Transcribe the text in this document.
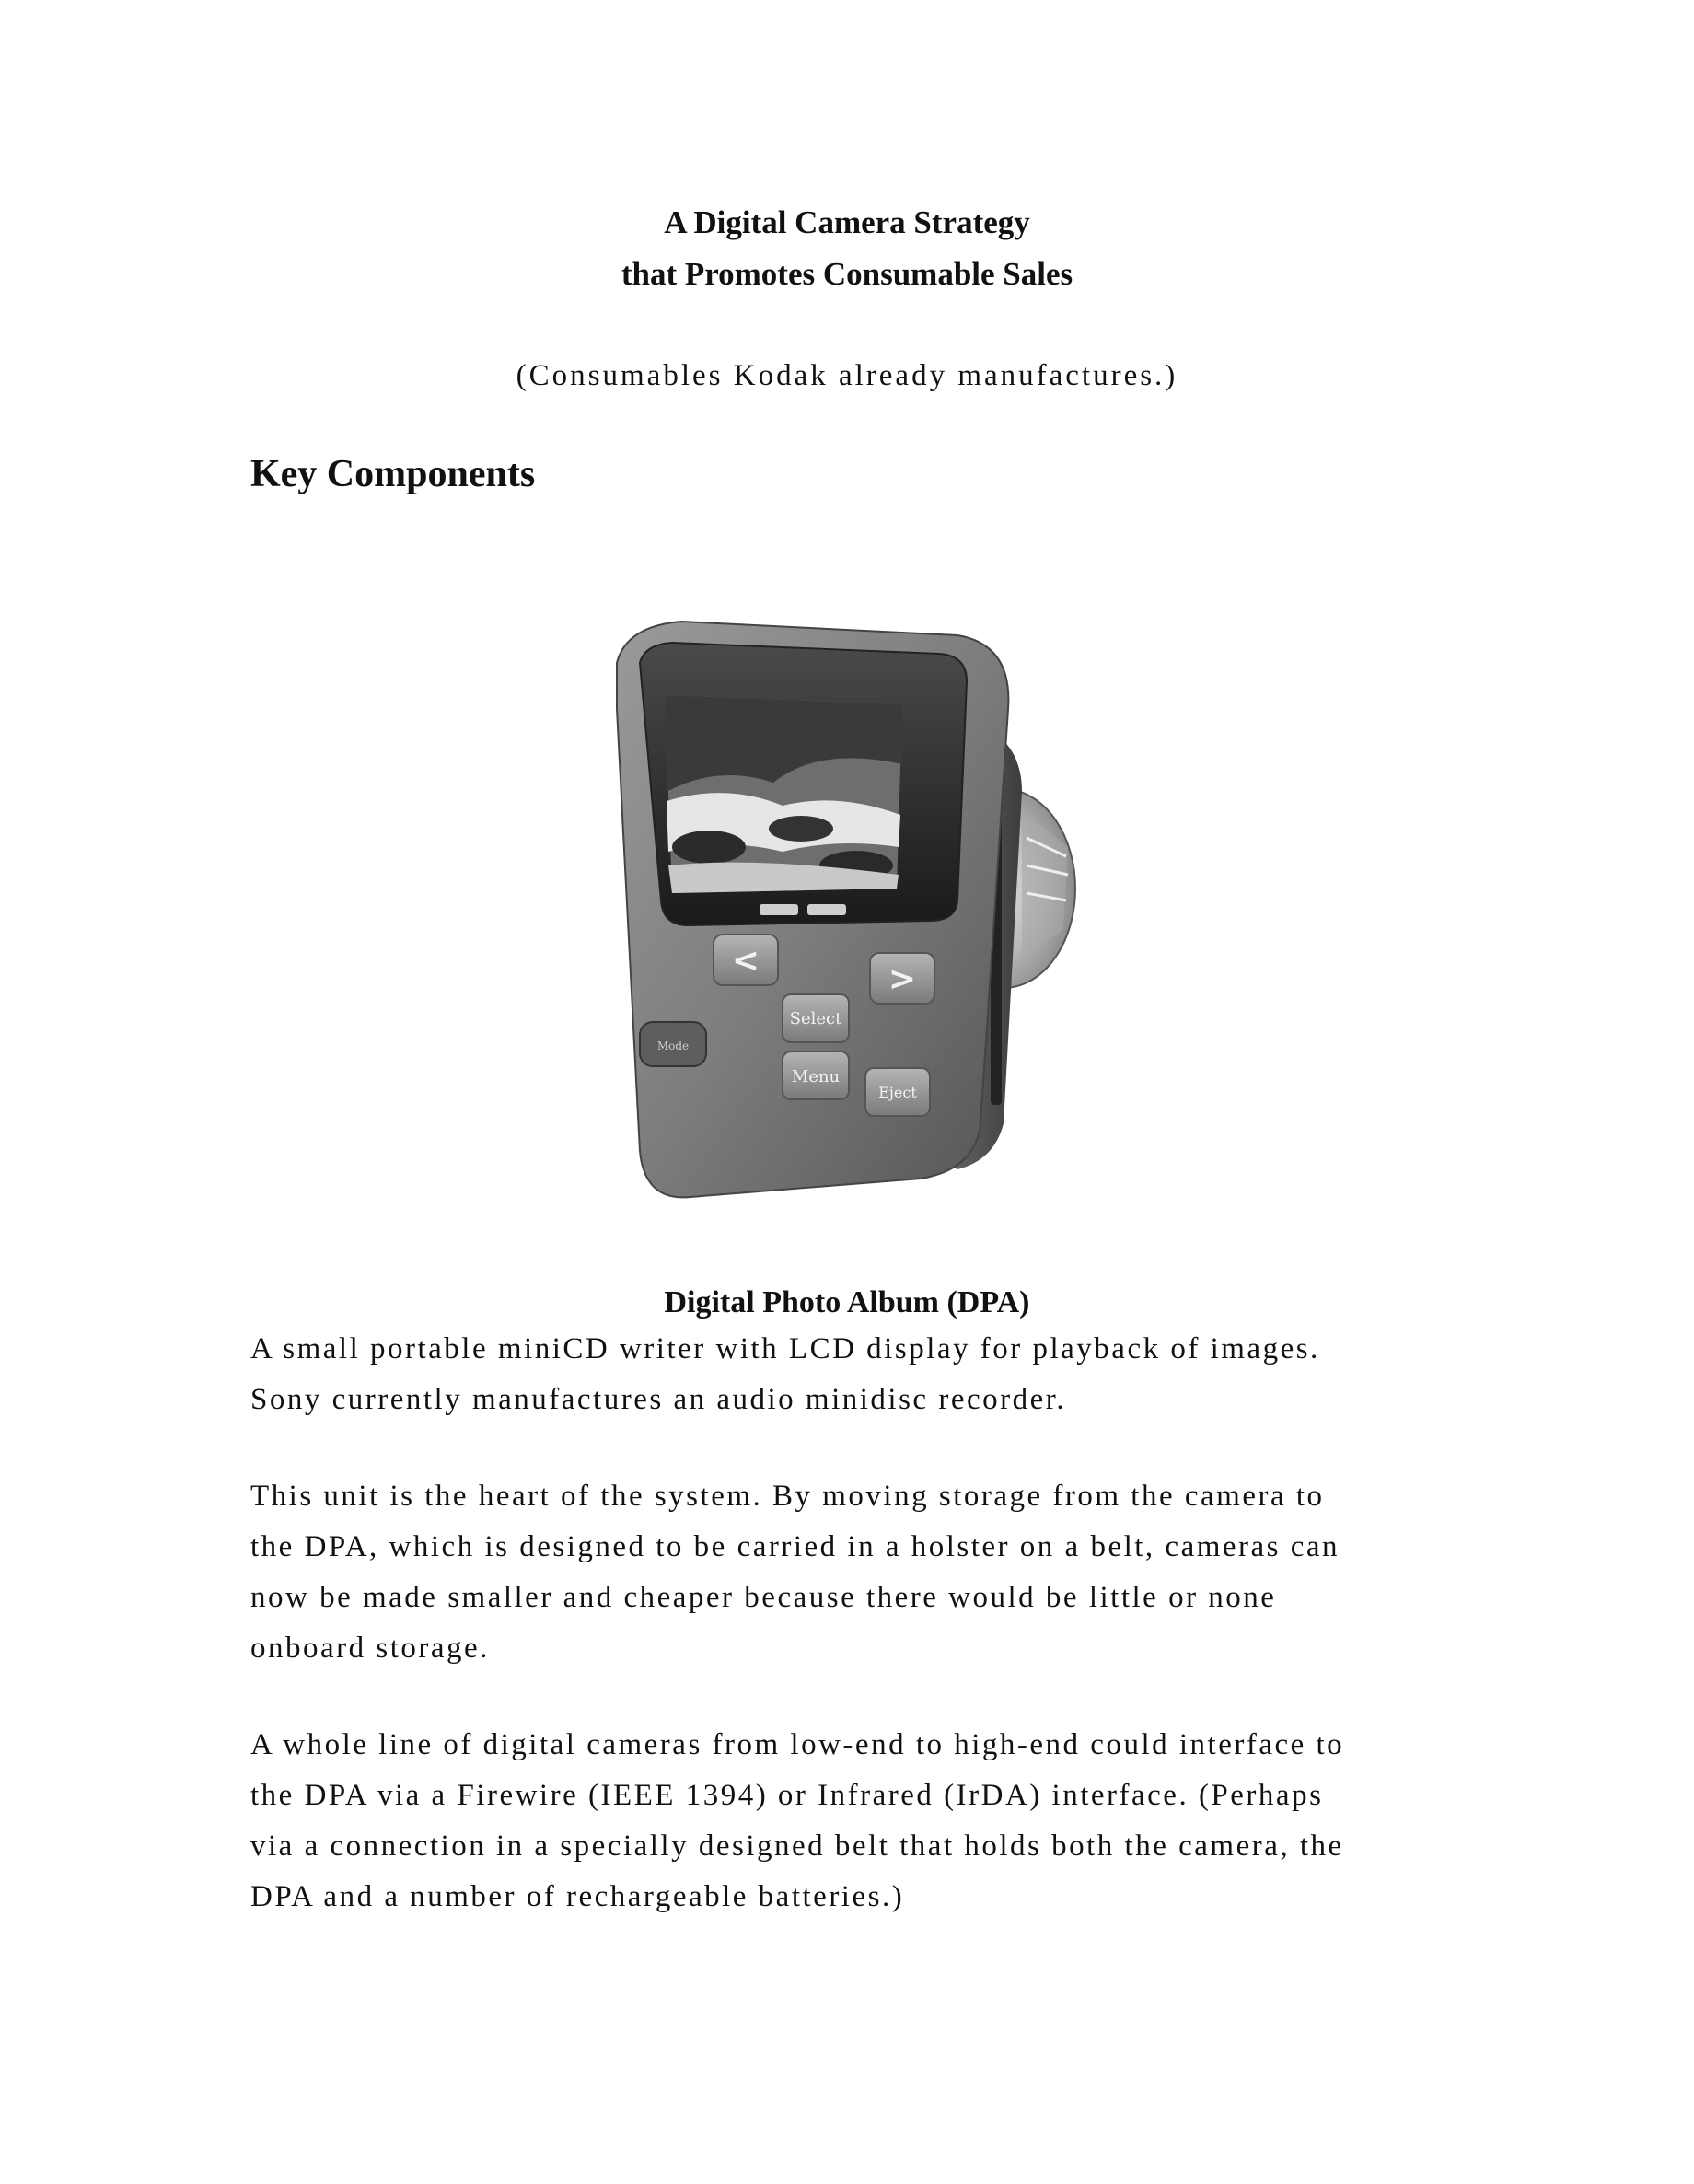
A Digital Camera Strategy
that Promotes Consumable Sales
(Consumables Kodak already manufactures.)
Key Components
<	>
Select
Mode
Menu
Eject
Digital Photo Album (DPA)
A small portable miniCD writer with LCD display for playback of images.
Sony currently manufactures an audio minidisc recorder.
This unit is the heart of the system. By moving storage from the camera to
the DPA, which is designed to be carried in a holster on a belt, cameras can
now be made smaller and cheaper because there would be little or none
onboard storage.
A whole line of digital cameras from low-end to high-end could interface to
the DPA via a Firewire (IEEE 1394) or Infrared (IrDA) interface. (Perhaps
via a connection in a specially designed belt that holds both the camera, the
DPA and a number of rechargeable batteries.)
